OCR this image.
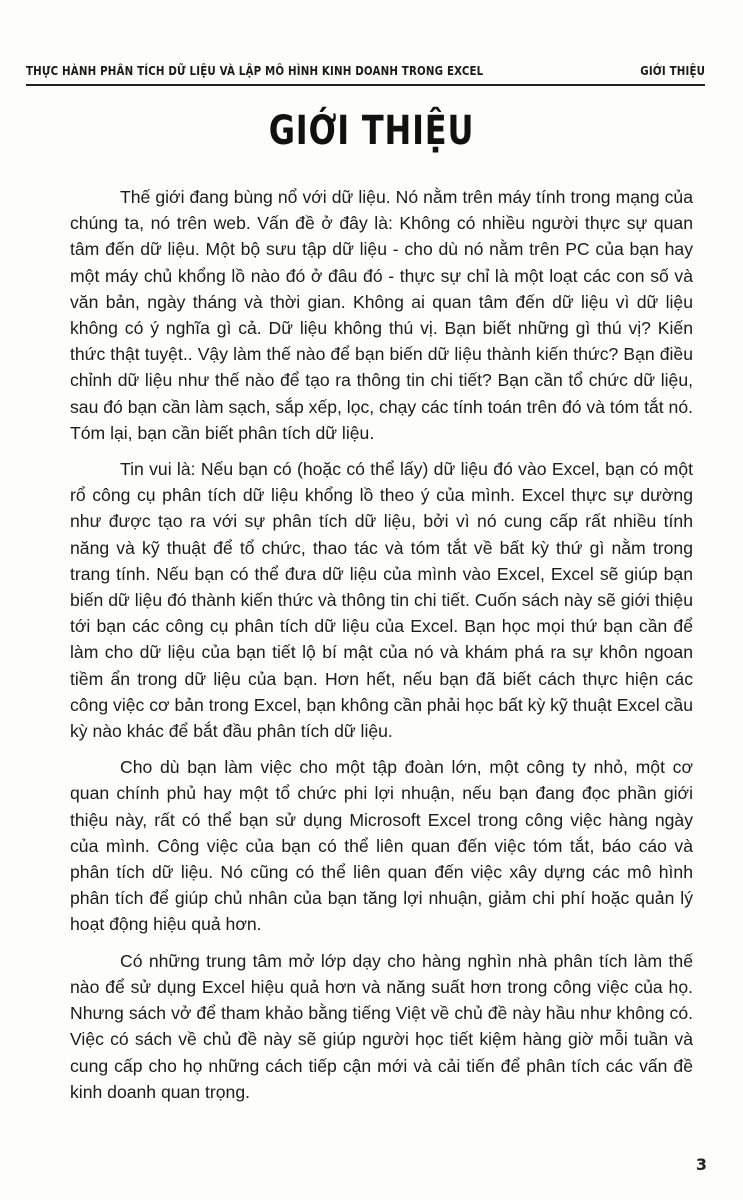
THỰC HÀNH PHÂN TÍCH DỮ LIỆU VÀ LẬP MÔ HÌNH KINH DOANH TRONG EXCEL	GIỚI THIỆU
GIỚI THIỆU

Thế giới đang bùng nổ với dữ liệu. Nó nằm trên máy tính trong mạng của chúng ta, nó trên web. Vấn đề ở đây là: Không có nhiều người thực sự quan tâm đến dữ liệu. Một bộ sưu tập dữ liệu - cho dù nó nằm trên PC của bạn hay một máy chủ khổng lồ nào đó ở đâu đó - thực sự chỉ là một loạt các con số và văn bản, ngày tháng và thời gian. Không ai quan tâm đến dữ liệu vì dữ liệu không có ý nghĩa gì cả. Dữ liệu không thú vị. Bạn biết những gì thú vị? Kiến thức thật tuyệt.. Vậy làm thế nào để bạn biến dữ liệu thành kiến thức? Bạn điều chỉnh dữ liệu như thế nào để tạo ra thông tin chi tiết? Bạn cần tổ chức dữ liệu, sau đó bạn cần làm sạch, sắp xếp, lọc, chạy các tính toán trên đó và tóm tắt nó. Tóm lại, bạn cần biết phân tích dữ liệu.

Tin vui là: Nếu bạn có (hoặc có thể lấy) dữ liệu đó vào Excel, bạn có một rổ công cụ phân tích dữ liệu khổng lồ theo ý của mình. Excel thực sự dường như được tạo ra với sự phân tích dữ liệu, bởi vì nó cung cấp rất nhiều tính năng và kỹ thuật để tổ chức, thao tác và tóm tắt về bất kỳ thứ gì nằm trong trang tính. Nếu bạn có thể đưa dữ liệu của mình vào Excel, Excel sẽ giúp bạn biến dữ liệu đó thành kiến thức và thông tin chi tiết. Cuốn sách này sẽ giới thiệu tới bạn các công cụ phân tích dữ liệu của Excel. Bạn học mọi thứ bạn cần để làm cho dữ liệu của bạn tiết lộ bí mật của nó và khám phá ra sự khôn ngoan tiềm ẩn trong dữ liệu của bạn. Hơn hết, nếu bạn đã biết cách thực hiện các công việc cơ bản trong Excel, bạn không cần phải học bất kỳ kỹ thuật Excel cầu kỳ nào khác để bắt đầu phân tích dữ liệu.

Cho dù bạn làm việc cho một tập đoàn lớn, một công ty nhỏ, một cơ quan chính phủ hay một tổ chức phi lợi nhuận, nếu bạn đang đọc phần giới thiệu này, rất có thể bạn sử dụng Microsoft Excel trong công việc hàng ngày của mình. Công việc của bạn có thể liên quan đến việc tóm tắt, báo cáo và phân tích dữ liệu. Nó cũng có thể liên quan đến việc xây dựng các mô hình phân tích để giúp chủ nhân của bạn tăng lợi nhuận, giảm chi phí hoặc quản lý hoạt động hiệu quả hơn.

Có những trung tâm mở lớp dạy cho hàng nghìn nhà phân tích làm thế nào để sử dụng Excel hiệu quả hơn và năng suất hơn trong công việc của họ. Nhưng sách vở để tham khảo bằng tiếng Việt về chủ đề này hầu như không có. Việc có sách về chủ đề này sẽ giúp người học tiết kiệm hàng giờ mỗi tuần và cung cấp cho họ những cách tiếp cận mới và cải tiến để phân tích các vấn đề kinh doanh quan trọng.

3
